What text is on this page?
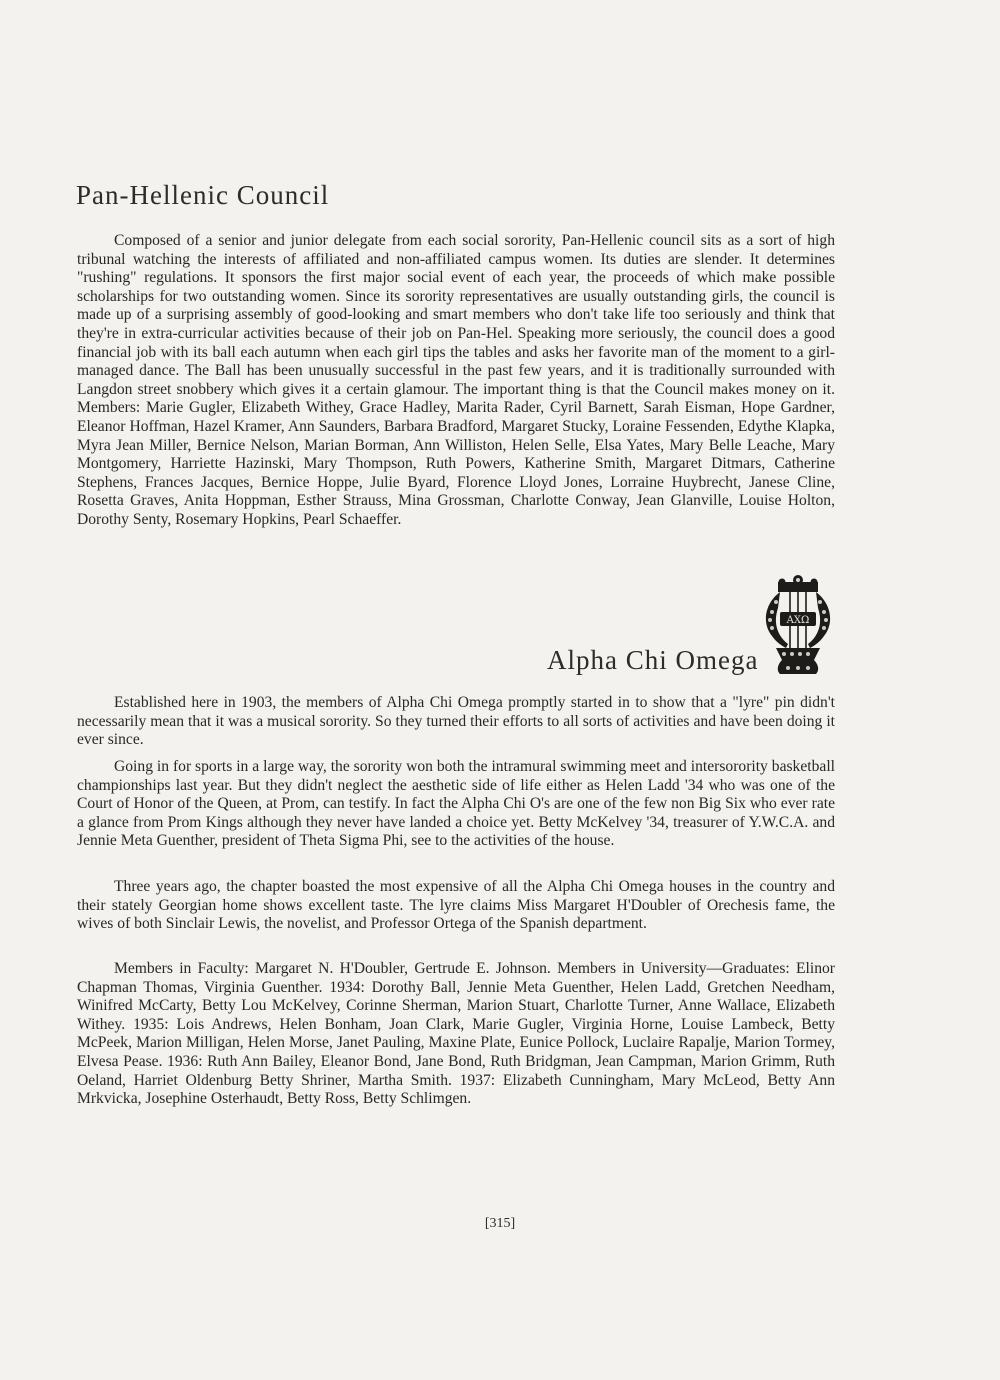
Pan-Hellenic Council

Composed of a senior and junior delegate from each social sorority, Pan-Hellenic council sits as a sort of high tribunal watching the interests of affiliated and non-affiliated campus women. Its duties are slender. It determines "rushing" regulations. It sponsors the first major social event of each year, the proceeds of which make possible scholarships for two outstanding women. Since its sorority representatives are usually outstanding girls, the council is made up of a surprising assembly of good-looking and smart members who don't take life too seriously and think that they're in extra-curricular activities because of their job on Pan-Hel. Speaking more seriously, the council does a good financial job with its ball each autumn when each girl tips the tables and asks her favorite man of the moment to a girl-managed dance. The Ball has been unusually successful in the past few years, and it is traditionally surrounded with Langdon street snobbery which gives it a certain glamour. The important thing is that the Council makes money on it. Members: Marie Gugler, Elizabeth Withey, Grace Hadley, Marita Rader, Cyril Barnett, Sarah Eisman, Hope Gardner, Eleanor Hoffman, Hazel Kramer, Ann Saunders, Barbara Bradford, Margaret Stucky, Loraine Fessenden, Edythe Klapka, Myra Jean Miller, Bernice Nelson, Marian Borman, Ann Williston, Helen Selle, Elsa Yates, Mary Belle Leache, Mary Montgomery, Harriette Hazinski, Mary Thompson, Ruth Powers, Katherine Smith, Margaret Ditmars, Catherine Stephens, Frances Jacques, Bernice Hoppe, Julie Byard, Florence Lloyd Jones, Lorraine Huybrecht, Janese Cline, Rosetta Graves, Anita Hoppman, Esther Strauss, Mina Grossman, Charlotte Conway, Jean Glanville, Louise Holton, Dorothy Senty, Rosemary Hopkins, Pearl Schaeffer.

ΑΧΩ
Alpha Chi Omega

Established here in 1903, the members of Alpha Chi Omega promptly started in to show that a "lyre" pin didn't necessarily mean that it was a musical sorority. So they turned their efforts to all sorts of activities and have been doing it ever since.

Going in for sports in a large way, the sorority won both the intramural swimming meet and intersorority basketball championships last year. But they didn't neglect the aesthetic side of life either as Helen Ladd '34 who was one of the Court of Honor of the Queen, at Prom, can testify. In fact the Alpha Chi O's are one of the few non Big Six who ever rate a glance from Prom Kings although they never have landed a choice yet. Betty McKelvey '34, treasurer of Y.W.C.A. and Jennie Meta Guenther, president of Theta Sigma Phi, see to the activities of the house.

Three years ago, the chapter boasted the most expensive of all the Alpha Chi Omega houses in the country and their stately Georgian home shows excellent taste. The lyre claims Miss Margaret H'Doubler of Orechesis fame, the wives of both Sinclair Lewis, the novelist, and Professor Ortega of the Spanish department.

Members in Faculty: Margaret N. H'Doubler, Gertrude E. Johnson. Members in University—Graduates: Elinor Chapman Thomas, Virginia Guenther. 1934: Dorothy Ball, Jennie Meta Guenther, Helen Ladd, Gretchen Needham, Winifred McCarty, Betty Lou McKelvey, Corinne Sherman, Marion Stuart, Charlotte Turner, Anne Wallace, Elizabeth Withey. 1935: Lois Andrews, Helen Bonham, Joan Clark, Marie Gugler, Virginia Horne, Louise Lambeck, Betty McPeek, Marion Milligan, Helen Morse, Janet Pauling, Maxine Plate, Eunice Pollock, Luclaire Rapalje, Marion Tormey, Elvesa Pease. 1936: Ruth Ann Bailey, Eleanor Bond, Jane Bond, Ruth Bridgman, Jean Campman, Marion Grimm, Ruth Oeland, Harriet Oldenburg Betty Shriner, Martha Smith. 1937: Elizabeth Cunningham, Mary McLeod, Betty Ann Mrkvicka, Josephine Osterhaudt, Betty Ross, Betty Schlimgen.

[315]
